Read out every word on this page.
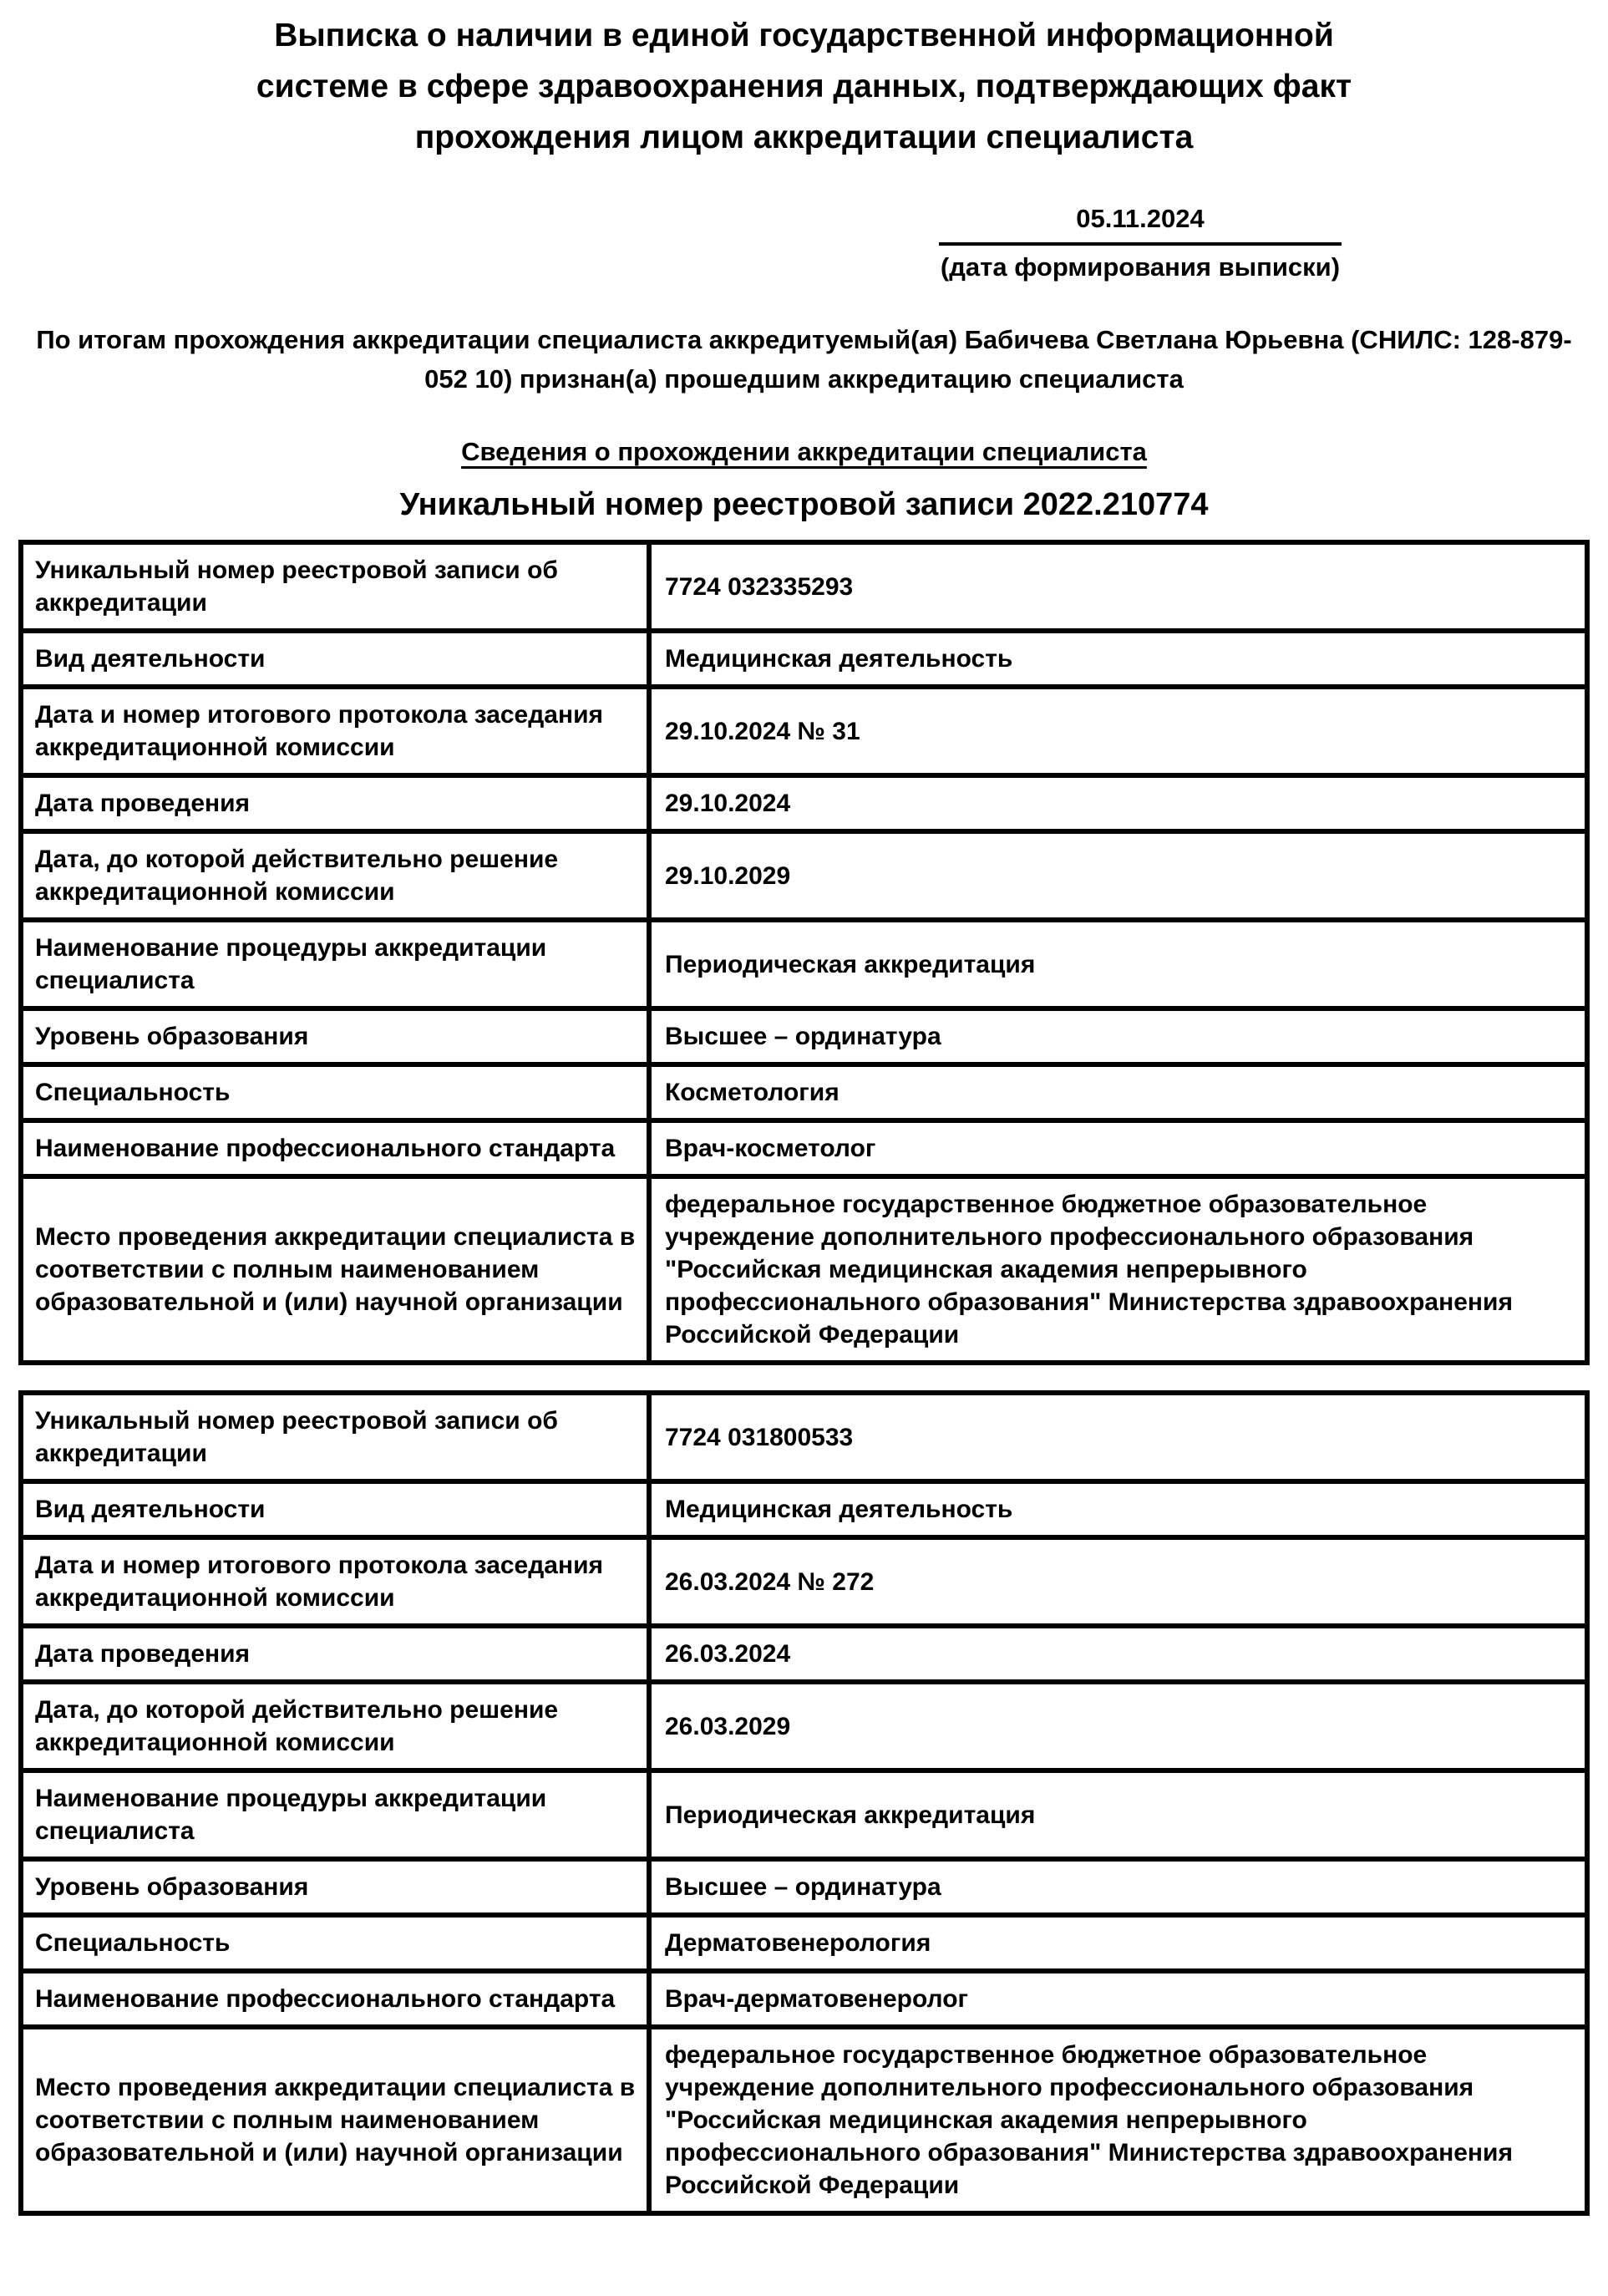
Выписка о наличии в единой государственной информационной
системе в сфере здравоохранения данных, подтверждающих факт
прохождения лицом аккредитации специалиста
05.11.2024
(дата формирования выписки)
По итогам прохождения аккредитации специалиста аккредитуемый(ая) Бабичева Светлана Юрьевна (СНИЛС: 128-879-052 10) признан(а) прошедшим аккредитацию специалиста
Сведения о прохождении аккредитации специалиста
Уникальный номер реестровой записи 2022.210774
Уникальный номер реестровой записи об аккредитации	7724 032335293
Вид деятельности	Медицинская деятельность
Дата и номер итогового протокола заседания аккредитационной комиссии	29.10.2024 № 31
Дата проведения	29.10.2024
Дата, до которой действительно решение аккредитационной комиссии	29.10.2029
Наименование процедуры аккредитации специалиста	Периодическая аккредитация
Уровень образования	Высшее – ординатура
Специальность	Косметология
Наименование профессионального стандарта	Врач-косметолог
Место проведения аккредитации специалиста в соответствии с полным наименованием образовательной и (или) научной организации	федеральное государственное бюджетное образовательное учреждение дополнительного профессионального образования "Российская медицинская академия непрерывного профессионального образования" Министерства здравоохранения Российской Федерации
Уникальный номер реестровой записи об аккредитации	7724 031800533
Вид деятельности	Медицинская деятельность
Дата и номер итогового протокола заседания аккредитационной комиссии	26.03.2024 № 272
Дата проведения	26.03.2024
Дата, до которой действительно решение аккредитационной комиссии	26.03.2029
Наименование процедуры аккредитации специалиста	Периодическая аккредитация
Уровень образования	Высшее – ординатура
Специальность	Дерматовенерология
Наименование профессионального стандарта	Врач-дерматовенеролог
Место проведения аккредитации специалиста в соответствии с полным наименованием образовательной и (или) научной организации	федеральное государственное бюджетное образовательное учреждение дополнительного профессионального образования "Российская медицинская академия непрерывного профессионального образования" Министерства здравоохранения Российской Федерации
